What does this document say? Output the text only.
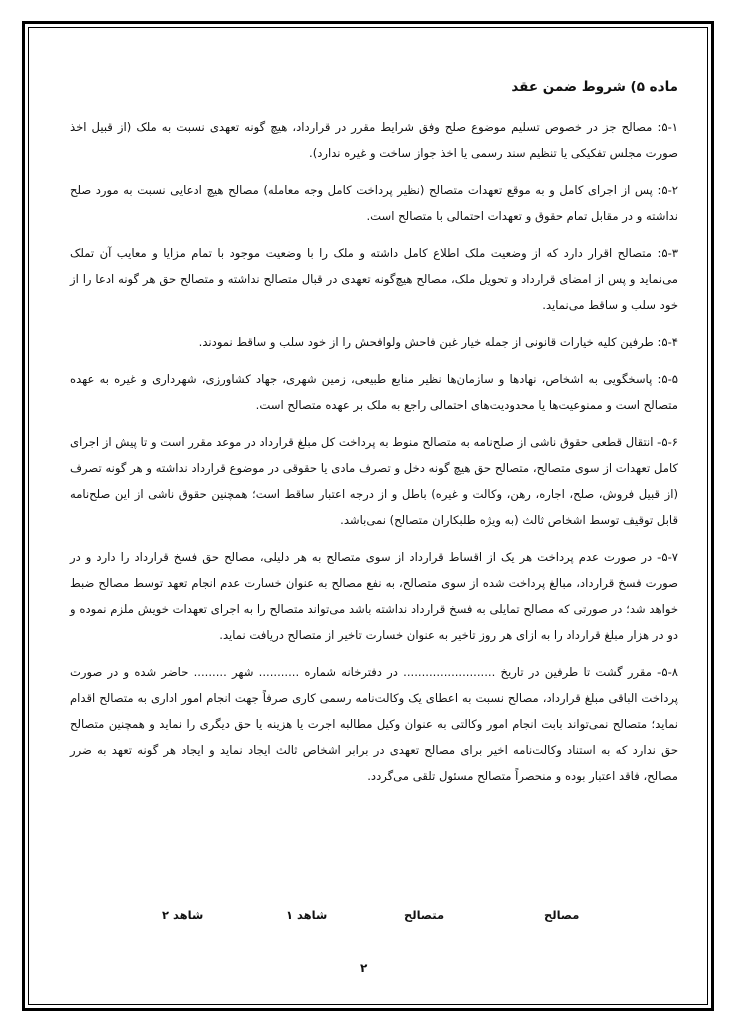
ماده ۵) شروط ضمن عقد

۵-۱: مصالح جز در خصوص تسلیم موضوع صلح وفق شرایط مقرر در قرارداد، هیچ گونه تعهدی نسبت به ملک (از قبیل اخذ صورت مجلس تفکیکی یا تنظیم سند رسمی یا اخذ جواز ساخت و غیره ندارد).

۵-۲: پس از اجرای کامل و به موقع تعهدات متصالح (نظیر پرداخت کامل وجه معامله) مصالح هیچ ادعایی نسبت به مورد صلح نداشته و در مقابل تمام حقوق و تعهدات احتمالی با متصالح است.

۵-۳: متصالح اقرار دارد که از وضعیت ملک اطلاع کامل داشته و ملک را با وضعیت موجود با تمام مزایا و معایب آن تملک می‌نماید و پس از امضای قرارداد و تحویل ملک، مصالح هیچ‌گونه تعهدی در قبال متصالح نداشته و متصالح حق هر گونه ادعا را از خود سلب و ساقط می‌نماید.

۵-۴: طرفین کلیه خیارات قانونی از جمله خیار غبن فاحش ولوافحش را از خود سلب و ساقط نمودند.

۵-۵: پاسخگویی به اشخاص، نهادها و سازمان‌ها نظیر منابع طبیعی، زمین شهری، جهاد کشاورزی، شهرداری و غیره به عهده متصالح است و ممنوعیت‌ها یا محدودیت‌های احتمالی راجع به ملک بر عهده متصالح است.

۵-۶- انتقال قطعی حقوق ناشی از صلح‌نامه به متصالح منوط به پرداخت کل مبلغ قرارداد در موعد مقرر است و تا پیش از اجرای کامل تعهدات از سوی متصالح، متصالح حق هیچ گونه دخل و تصرف مادی یا حقوقی در موضوع قرارداد نداشته و هر گونه تصرف (از قبیل فروش، صلح، اجاره، رهن، وکالت و غیره) باطل و از درجه اعتبار ساقط است؛ همچنین حقوق ناشی از این صلح‌نامه قابل توقیف توسط اشخاص ثالث (به ویژه طلبکاران متصالح) نمی‌باشد.

۵-۷- در صورت عدم پرداخت هر یک از اقساط قرارداد از سوی متصالح به هر دلیلی، مصالح حق فسخ قرارداد را دارد و در صورت فسخ قرارداد، مبالغ پرداخت شده از سوی متصالح، به نفع مصالح به عنوان خسارت عدم انجام تعهد توسط مصالح ضبط خواهد شد؛ در صورتی که مصالح تمایلی به فسخ قرارداد نداشته باشد می‌تواند متصالح را به اجرای تعهدات خویش ملزم نموده و دو در هزار مبلغ قرارداد را به ازای هر روز تاخیر به عنوان خسارت تاخیر از متصالح دریافت نماید.

۵-۸- مقرر گشت تا طرفین در تاریخ ......................... در دفترخانه شماره ........... شهر ......... حاضر شده و در صورت پرداخت الباقی مبلغ قرارداد، مصالح نسبت به اعطای یک وکالت‌نامه رسمی کاری صرفاً جهت انجام امور اداری به متصالح اقدام نماید؛ متصالح نمی‌تواند بابت انجام امور وکالتی به عنوان وکیل مطالبه اجرت یا هزینه یا حق دیگری را نماید و همچنین متصالح حق ندارد که به استناد وکالت‌نامه اخیر برای مصالح تعهدی در برابر اشخاص ثالث ایجاد نماید و ایجاد هر گونه تعهد به ضرر مصالح، فاقد اعتبار بوده و منحصراً متصالح مسئول تلقی می‌گردد.

مصالح
متصالح
شاهد ۱
شاهد ۲
۲
